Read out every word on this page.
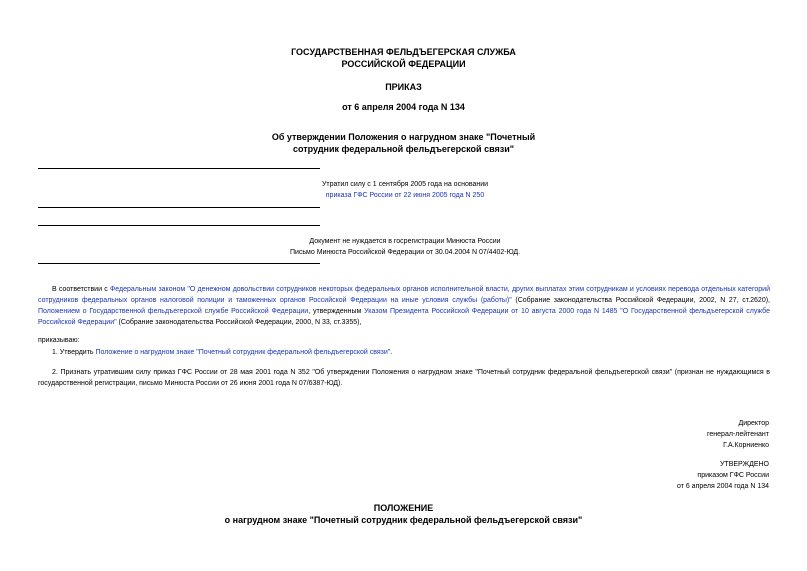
ГОСУДАРСТВЕННАЯ ФЕЛЬДЪЕГЕРСКАЯ СЛУЖБА
РОССИЙСКОЙ ФЕДЕРАЦИИ
ПРИКАЗ
от 6 апреля 2004 года N 134
Об утверждении Положения о нагрудном знаке "Почетный
сотрудник федеральной фельдъегерской связи"
Утратил силу с 1 сентября 2005 года на основании
приказа ГФС России от 22 июня 2005 года N 250
Документ не нуждается в госрегистрации Минюста России
Письмо Минюста Российской Федерации от 30.04.2004 N 07/4402-ЮД.
В соответствии с Федеральным законом "О денежном довольствии сотрудников некоторых федеральных органов исполнительной власти, других выплатах этим сотрудникам и условиях перевода отдельных категорий сотрудников федеральных органов налоговой полиции и таможенных органов Российской Федерации на иные условия службы (работы)" (Собрание законодательства Российской Федерации, 2002, N 27, ст.2620), Положением о Государственной фельдъегерской службе Российской Федерации, утвержденным Указом Президента Российской Федерации от 10 августа 2000 года N 1485 "О Государственной фельдъегерской службе Российской Федерации" (Собрание законодательства Российской Федерации, 2000, N 33, ст.3355),
приказываю:
1. Утвердить Положение о нагрудном знаке "Почетный сотрудник федеральной фельдъегерской связи".
2. Признать утратившим силу приказ ГФС России от 28 мая 2001 года N 352 "Об утверждении Положения о нагрудном знаке "Почетный сотрудник федеральной фельдъегерской связи" (признан не нуждающимся в государственной регистрации, письмо Минюста России от 26 июня 2001 года N 07/6387-ЮД).
Директор
генерал-лейтенант
Г.А.Корниенко
УТВЕРЖДЕНО
приказом ГФС России
от 6 апреля 2004 года N 134
ПОЛОЖЕНИЕ
о нагрудном знаке "Почетный сотрудник федеральной фельдъегерской связи"
